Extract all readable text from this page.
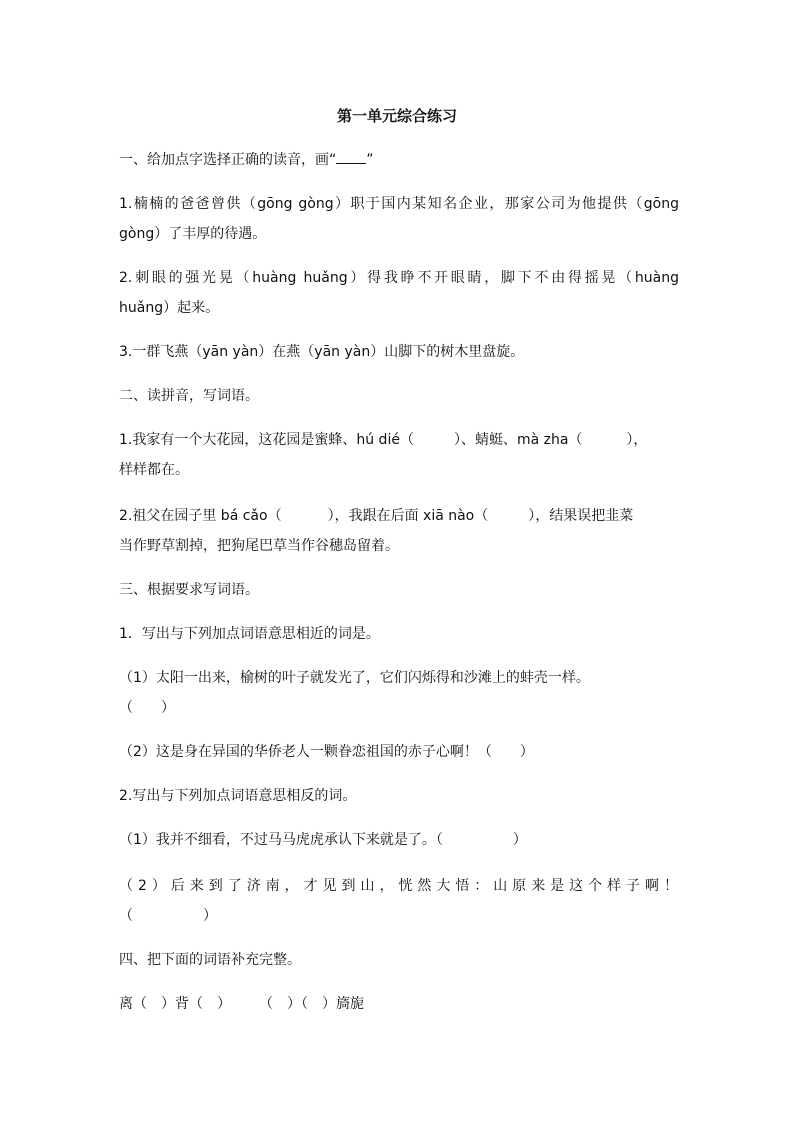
第一单元综合练习
一、给加点字选择正确的读音，画“ ”
1.楠楠的爸爸曾供（gōng gòng）职于国内某知名企业，那家公司为他提供（gōng
gòng）了丰厚的待遇。
2.刺眼的强光晃（huàng huǎng）得我睁不开眼睛，脚下不由得摇晃（huàng
huǎng）起来。
3.一群飞燕（yān yàn）在燕（yān yàn）山脚下的树木里盘旋。
二、读拼音，写词语。
1.我家有一个大花园，这花园是蜜蜂、hú dié（	）、蜻蜓、mà zha（	），
样样都在。
2.祖父在园子里 bá cǎo（	），我跟在后面 xiā nào（	），结果误把韭菜
当作野草割掉，把狗尾巴草当作谷穗岛留着。
三、根据要求写词语。
1．写出与下列加点词语意思相近的词是。
（1）太阳一出来，榆树的叶子就发光了，它们闪烁得和沙滩上的蚌壳一样。
（　　）
（2）这是身在异国的华侨老人一颗眷恋祖国的赤子心啊！（　　）
2.写出与下列加点词语意思相反的词。
（1）我并不细看，不过马马虎虎承认下来就是了。（　　　　　）
（2）后来到了济南，才见到山，恍然大悟：山原来是这个样子啊！
（　　　　　）
四、把下面的词语补充完整。
离（　）背（　）　　　（　）（　）旖旎
